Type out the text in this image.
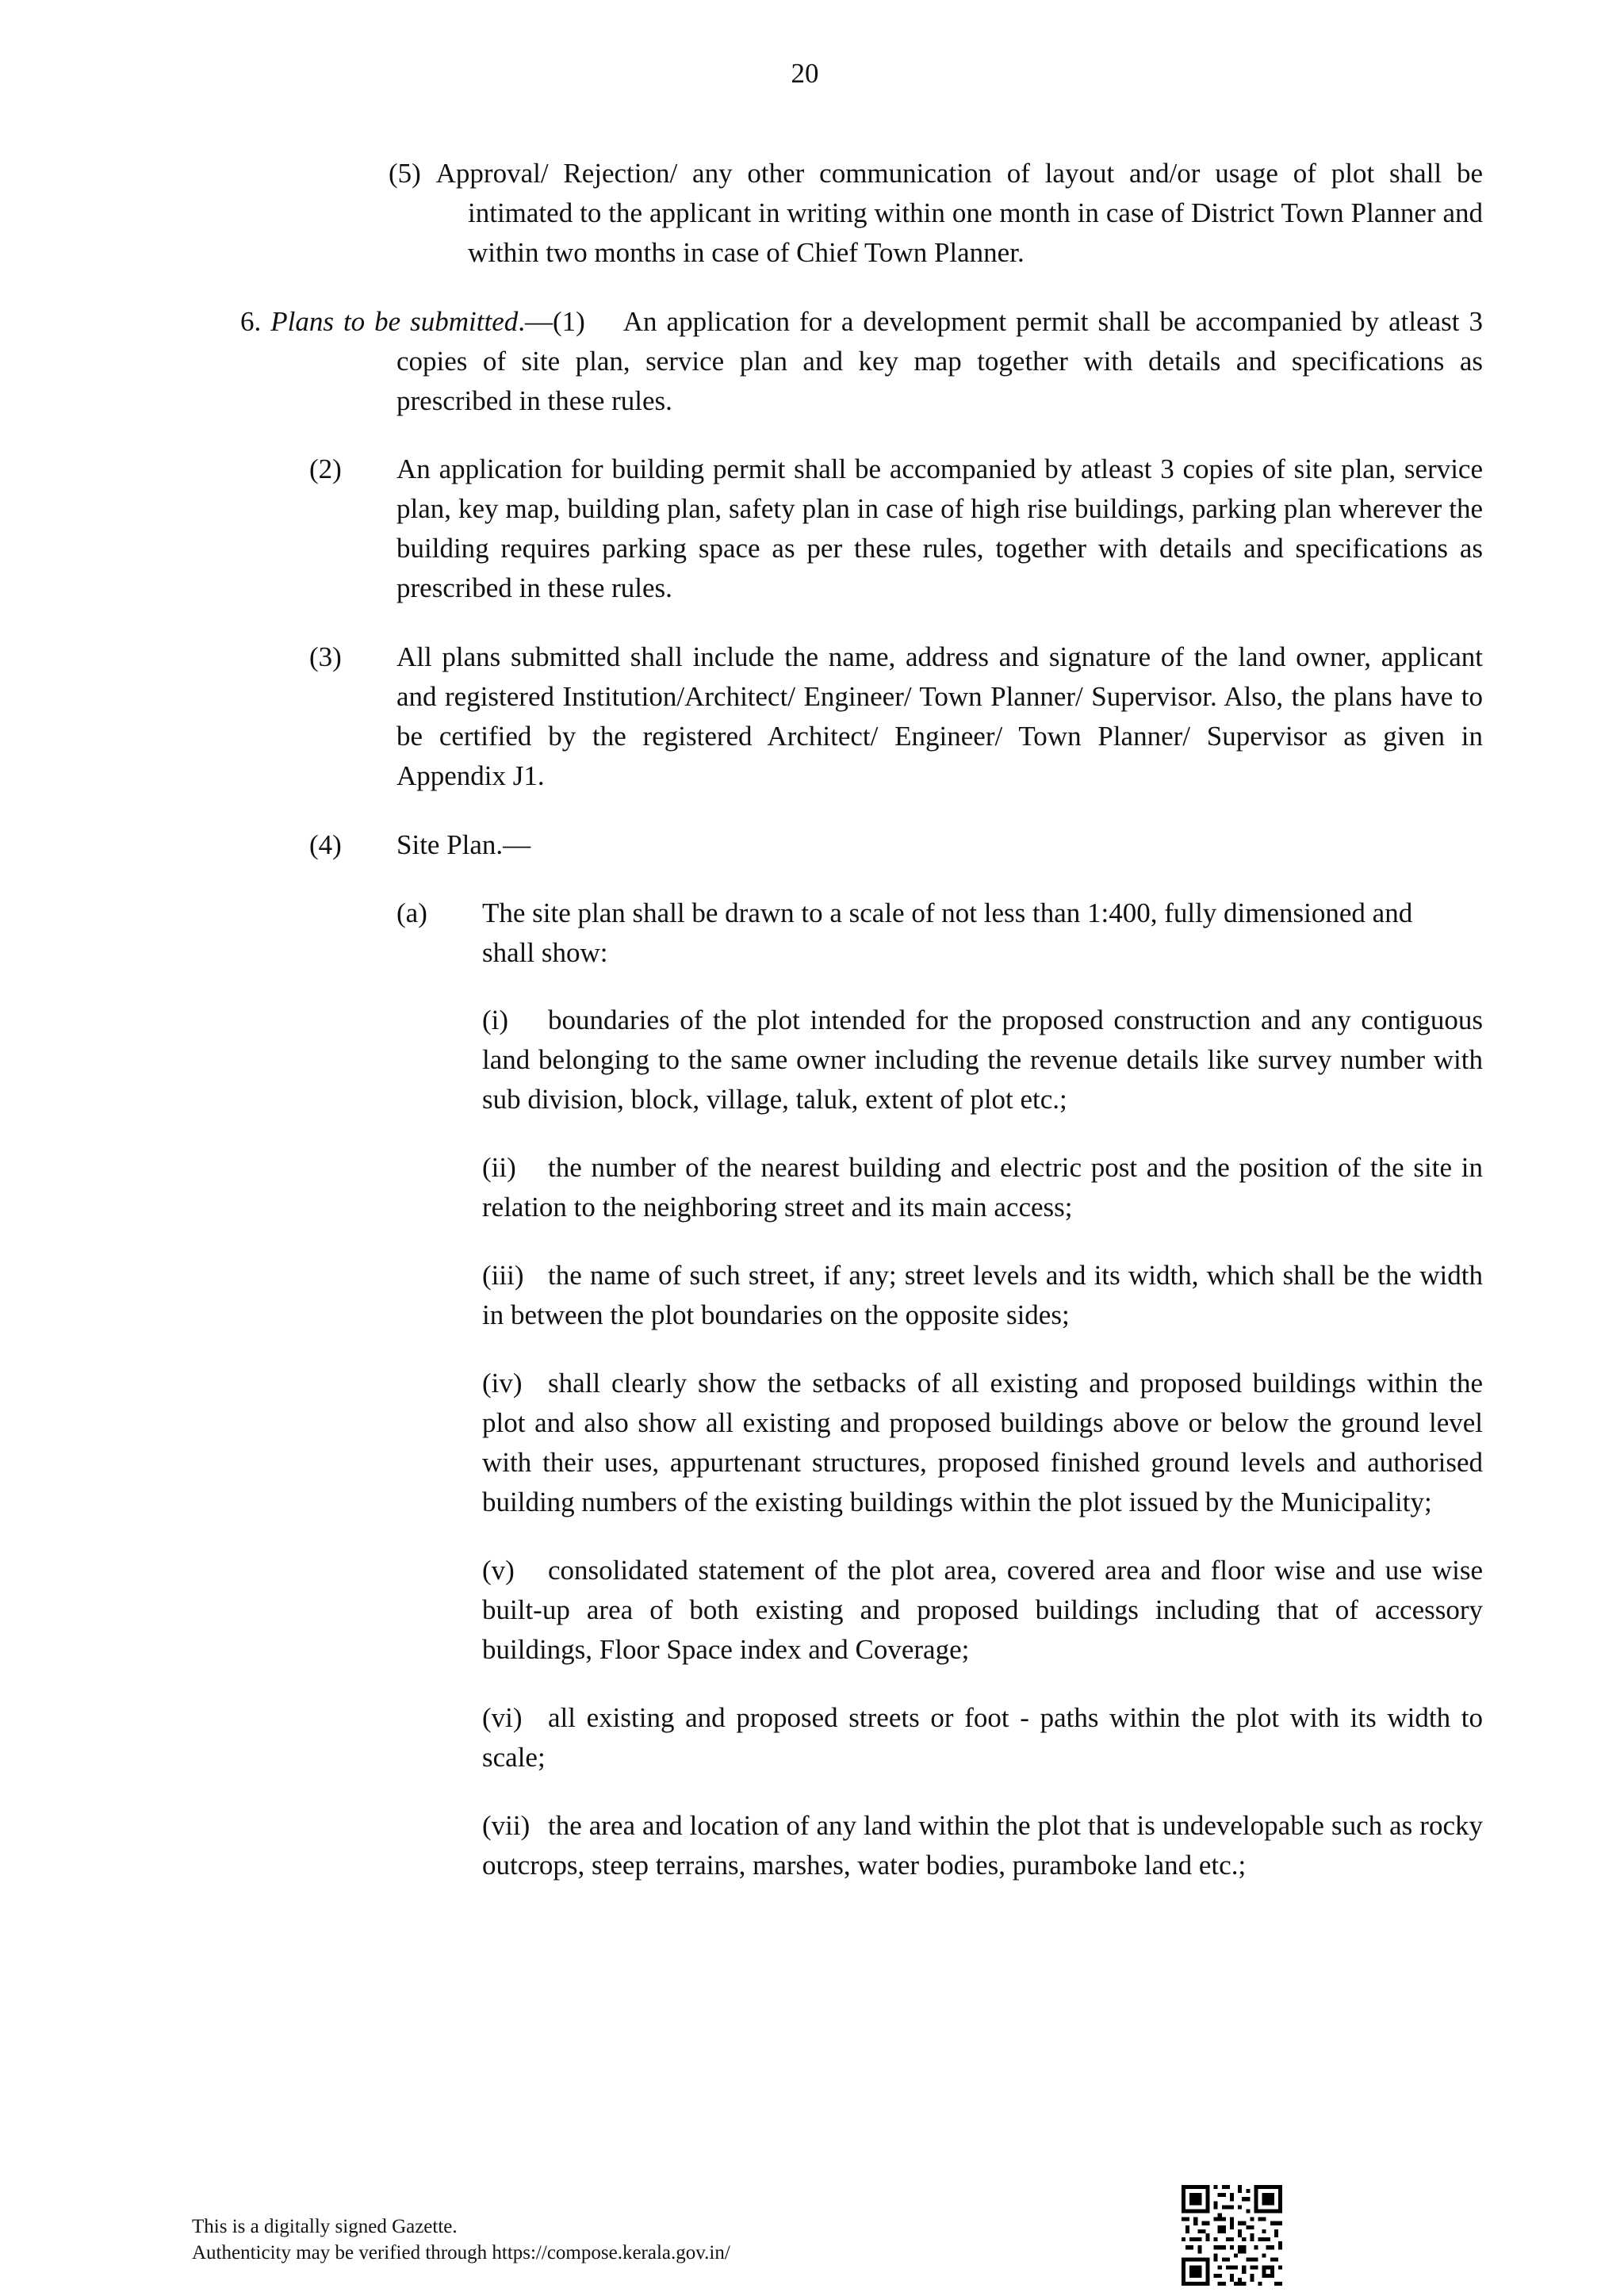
20
(5) Approval/ Rejection/ any other communication of layout and/or usage of plot shall be intimated to the applicant in writing within one month in case of District Town Planner and within two months in case of Chief Town Planner.
6. Plans to be submitted.—(1) An application for a development permit shall be accompanied by atleast 3 copies of site plan, service plan and key map together with details and specifications as prescribed in these rules.
(2) An application for building permit shall be accompanied by atleast 3 copies of site plan, service plan, key map, building plan, safety plan in case of high rise buildings, parking plan wherever the building requires parking space as per these rules, together with details and specifications as prescribed in these rules.
(3) All plans submitted shall include the name, address and signature of the land owner, applicant and registered Institution/Architect/ Engineer/ Town Planner/ Supervisor. Also, the plans have to be certified by the registered Architect/ Engineer/ Town Planner/ Supervisor as given in Appendix J1.
(4) Site Plan.—
(a) The site plan shall be drawn to a scale of not less than 1:400, fully dimensioned and shall show:
(i) boundaries of the plot intended for the proposed construction and any contiguous land belonging to the same owner including the revenue details like survey number with sub division, block, village, taluk, extent of plot etc.;
(ii) the number of the nearest building and electric post and the position of the site in relation to the neighboring street and its main access;
(iii) the name of such street, if any; street levels and its width, which shall be the width in between the plot boundaries on the opposite sides;
(iv) shall clearly show the setbacks of all existing and proposed buildings within the plot and also show all existing and proposed buildings above or below the ground level with their uses, appurtenant structures, proposed finished ground levels and authorised building numbers of the existing buildings within the plot issued by the Municipality;
(v) consolidated statement of the plot area, covered area and floor wise and use wise built-up area of both existing and proposed buildings including that of accessory buildings, Floor Space index and Coverage;
(vi) all existing and proposed streets or foot - paths within the plot with its width to scale;
(vii) the area and location of any land within the plot that is undevelopable such as rocky outcrops, steep terrains, marshes, water bodies, puramboke land etc.;
This is a digitally signed Gazette.
Authenticity may be verified through https://compose.kerala.gov.in/
